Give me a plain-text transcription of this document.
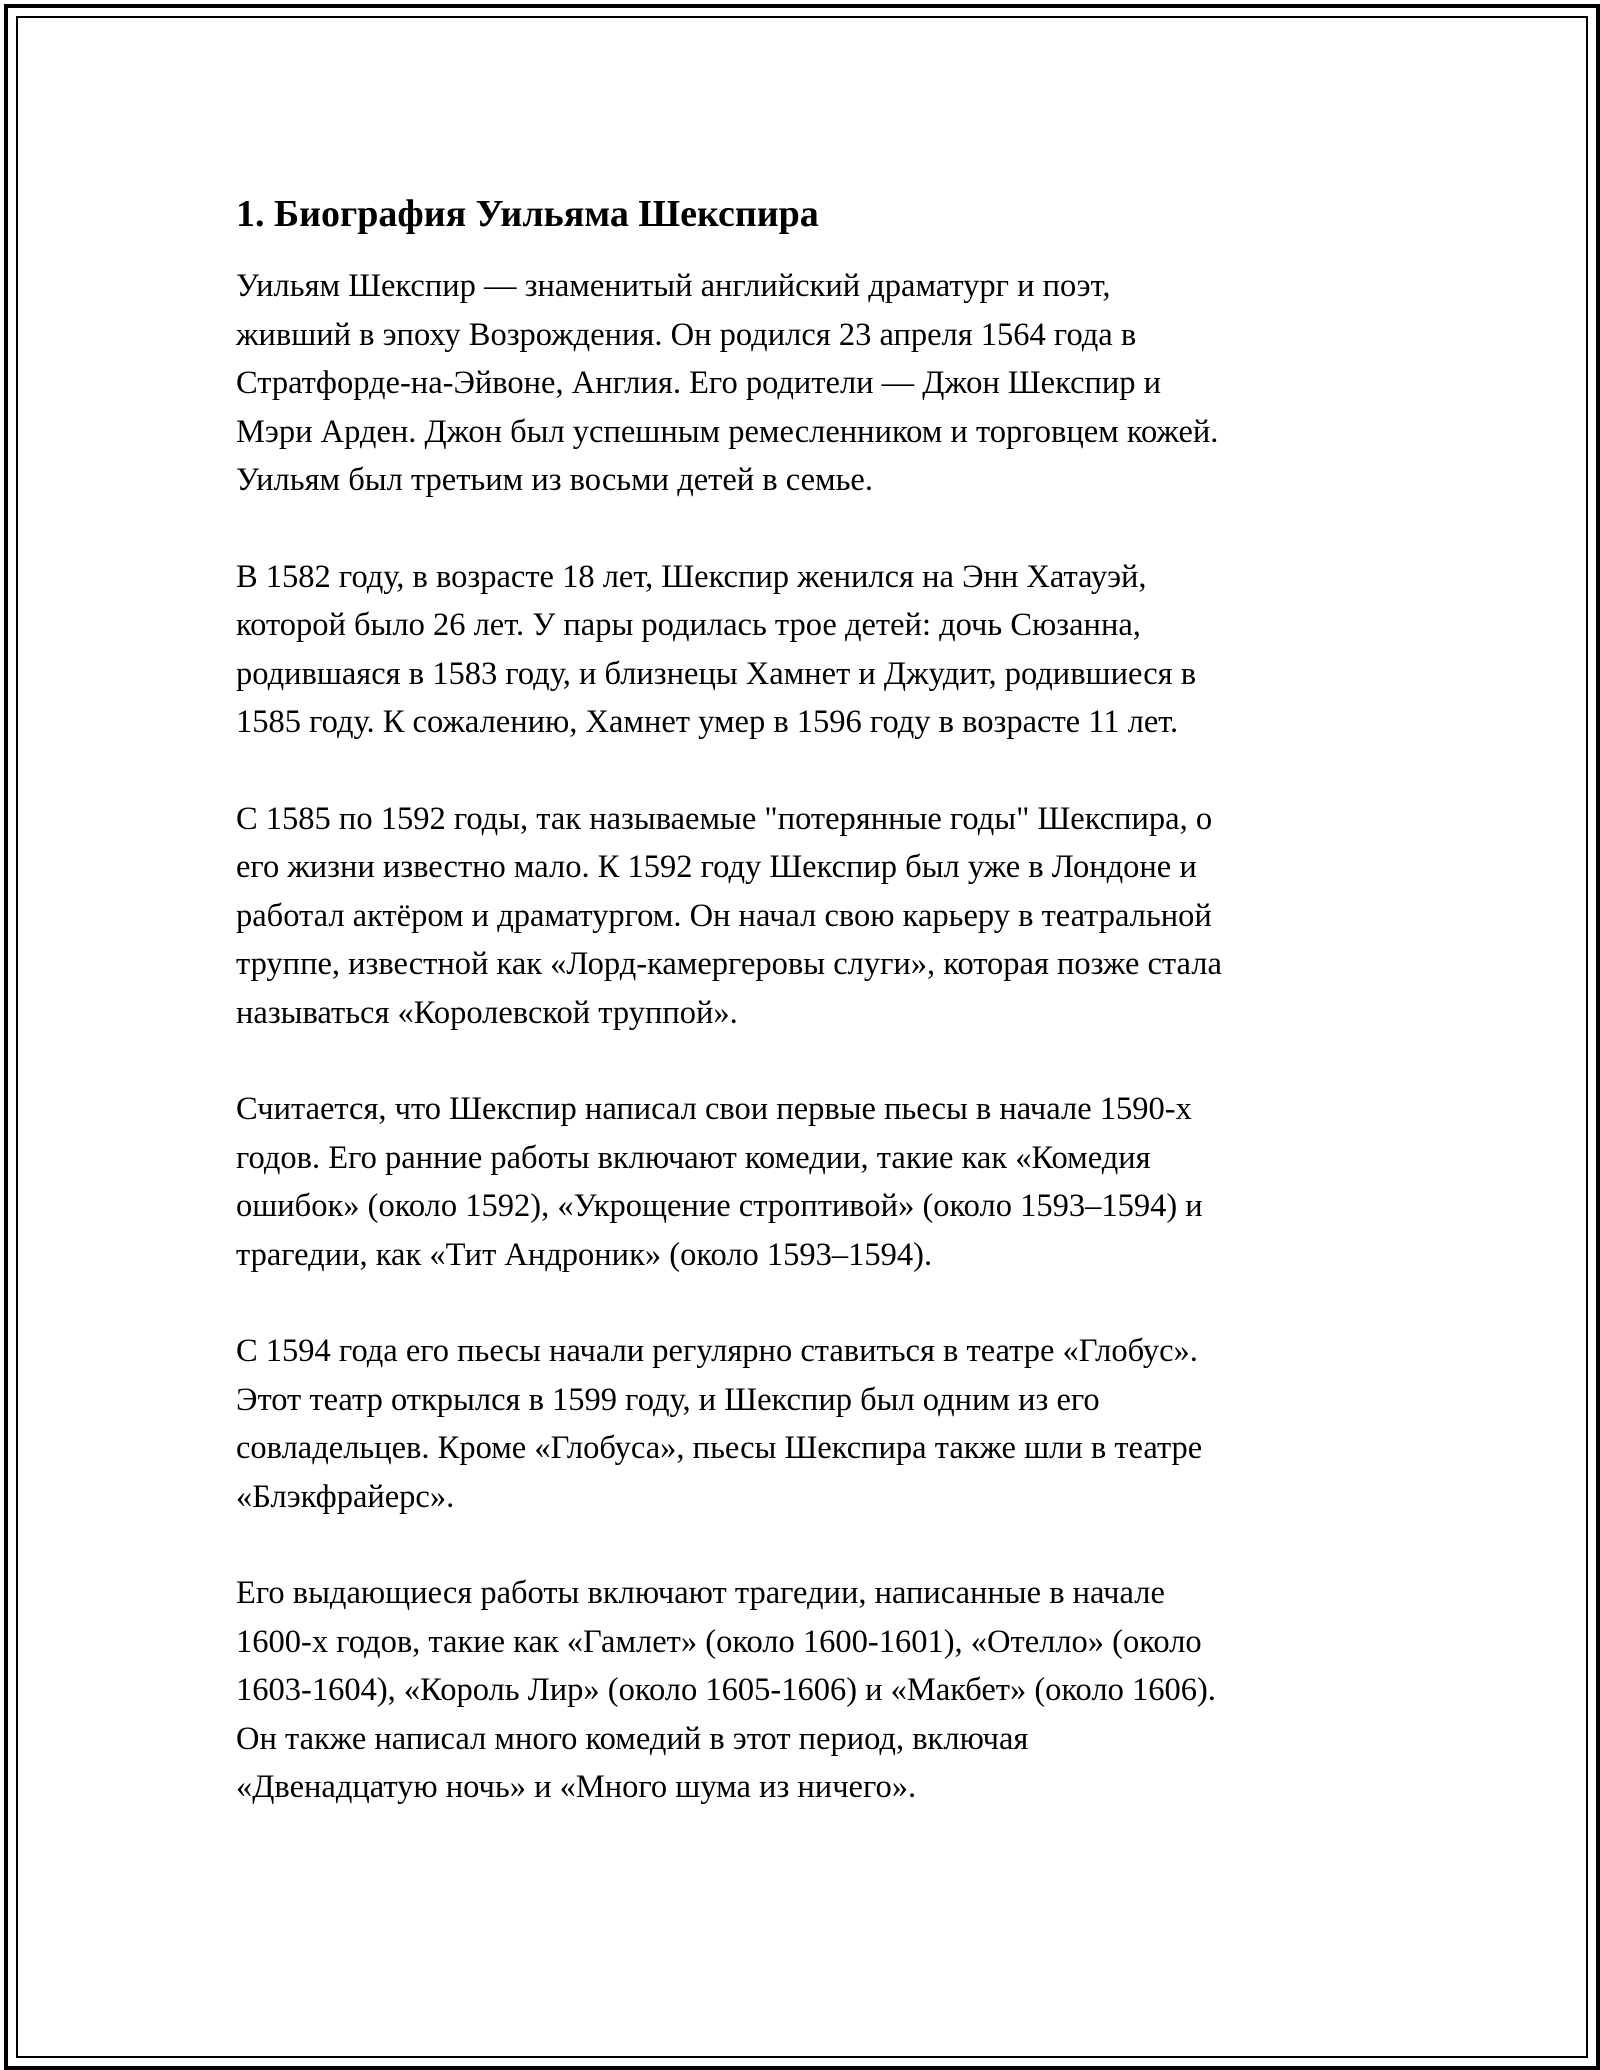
1. Биография Уильяма Шекспира

Уильям Шекспир — знаменитый английский драматург и поэт,
живший в эпоху Возрождения. Он родился 23 апреля 1564 года в
Стратфорде-на-Эйвоне, Англия. Его родители — Джон Шекспир и
Мэри Арден. Джон был успешным ремесленником и торговцем кожей.
Уильям был третьим из восьми детей в семье.

В 1582 году, в возрасте 18 лет, Шекспир женился на Энн Хатауэй,
которой было 26 лет. У пары родилась трое детей: дочь Сюзанна,
родившаяся в 1583 году, и близнецы Хамнет и Джудит, родившиеся в
1585 году. К сожалению, Хамнет умер в 1596 году в возрасте 11 лет.

С 1585 по 1592 годы, так называемые "потерянные годы" Шекспира, о
его жизни известно мало. К 1592 году Шекспир был уже в Лондоне и
работал актёром и драматургом. Он начал свою карьеру в театральной
труппе, известной как «Лорд-камергеровы слуги», которая позже стала
называться «Королевской труппой».

Считается, что Шекспир написал свои первые пьесы в начале 1590-х
годов. Его ранние работы включают комедии, такие как «Комедия
ошибок» (около 1592), «Укрощение строптивой» (около 1593–1594) и
трагедии, как «Тит Андроник» (около 1593–1594).

С 1594 года его пьесы начали регулярно ставиться в театре «Глобус».
Этот театр открылся в 1599 году, и Шекспир был одним из его
совладельцев. Кроме «Глобуса», пьесы Шекспира также шли в театре
«Блэкфрайерс».

Его выдающиеся работы включают трагедии, написанные в начале
1600-х годов, такие как «Гамлет» (около 1600-1601), «Отелло» (около
1603-1604), «Король Лир» (около 1605-1606) и «Макбет» (около 1606).
Он также написал много комедий в этот период, включая
«Двенадцатую ночь» и «Много шума из ничего».
